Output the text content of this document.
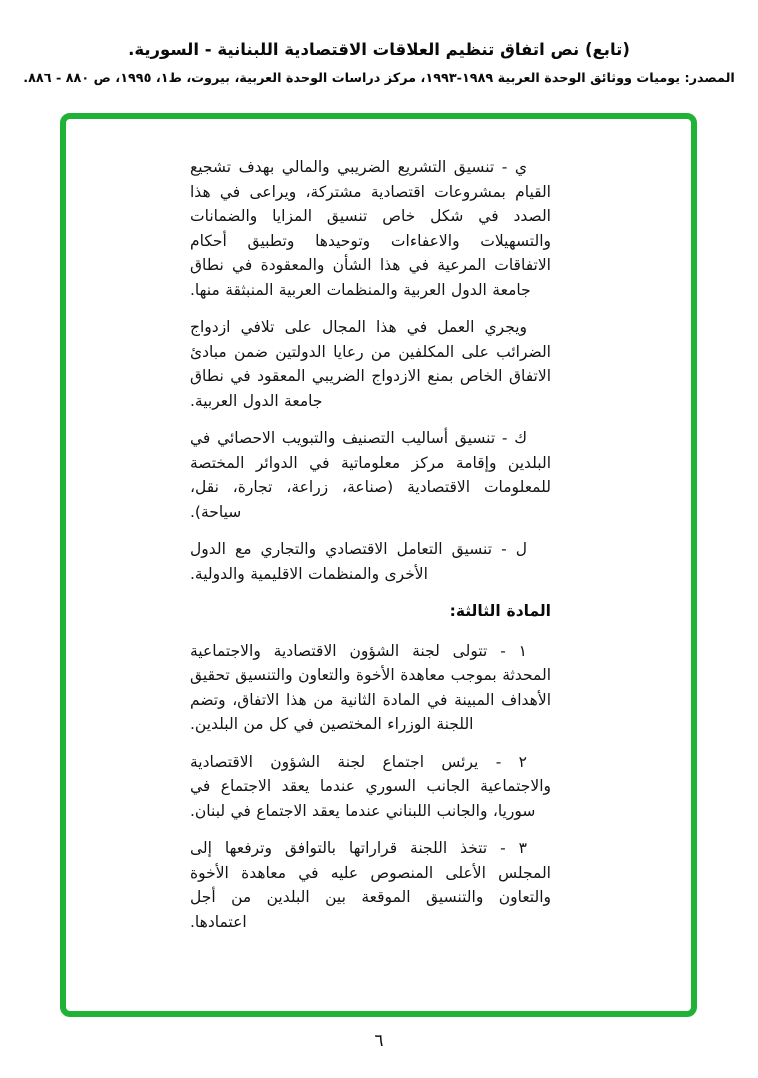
(تابع) نص اتفاق تنظيم العلاقات الاقتصادية اللبنانية - السورية.
المصدر: يوميات ووثائق الوحدة العربية ١٩٨٩-١٩٩٣، مركز دراسات الوحدة العربية، بيروت، ط١، ١٩٩٥، ص ٨٨٠ - ٨٨٦.

ي - تنسيق التشريع الضريبي والمالي بهدف تشجيع القيام بمشروعات اقتصادية مشتركة، ويراعى في هذا الصدد في شكل خاص تنسيق المزايا والضمانات والتسهيلات والاعفاءات وتوحيدها وتطبيق أحكام الاتفاقات المرعية في هذا الشأن والمعقودة في نطاق جامعة الدول العربية والمنظمات العربية المنبثقة منها.

ويجري العمل في هذا المجال على تلافي ازدواج الضرائب على المكلفين من رعايا الدولتين ضمن مبادئ الاتفاق الخاص بمنع الازدواج الضريبي المعقود في نطاق جامعة الدول العربية.

ك - تنسيق أساليب التصنيف والتبويب الاحصائي في البلدين وإقامة مركز معلوماتية في الدوائر المختصة للمعلومات الاقتصادية (صناعة، زراعة، تجارة، نقل، سياحة).

ل - تنسيق التعامل الاقتصادي والتجاري مع الدول الأخرى والمنظمات الاقليمية والدولية.

المادة الثالثة:

١ - تتولى لجنة الشؤون الاقتصادية والاجتماعية المحدثة بموجب معاهدة الأخوة والتعاون والتنسيق تحقيق الأهداف المبينة في المادة الثانية من هذا الاتفاق، وتضم اللجنة الوزراء المختصين في كل من البلدين.

٢ - يرئس اجتماع لجنة الشؤون الاقتصادية والاجتماعية الجانب السوري عندما يعقد الاجتماع في سوريا، والجانب اللبناني عندما يعقد الاجتماع في لبنان.

٣ - تتخذ اللجنة قراراتها بالتوافق وترفعها إلى المجلس الأعلى المنصوص عليه في معاهدة الأخوة والتعاون والتنسيق الموقعة بين البلدين من أجل اعتمادها.

٦
